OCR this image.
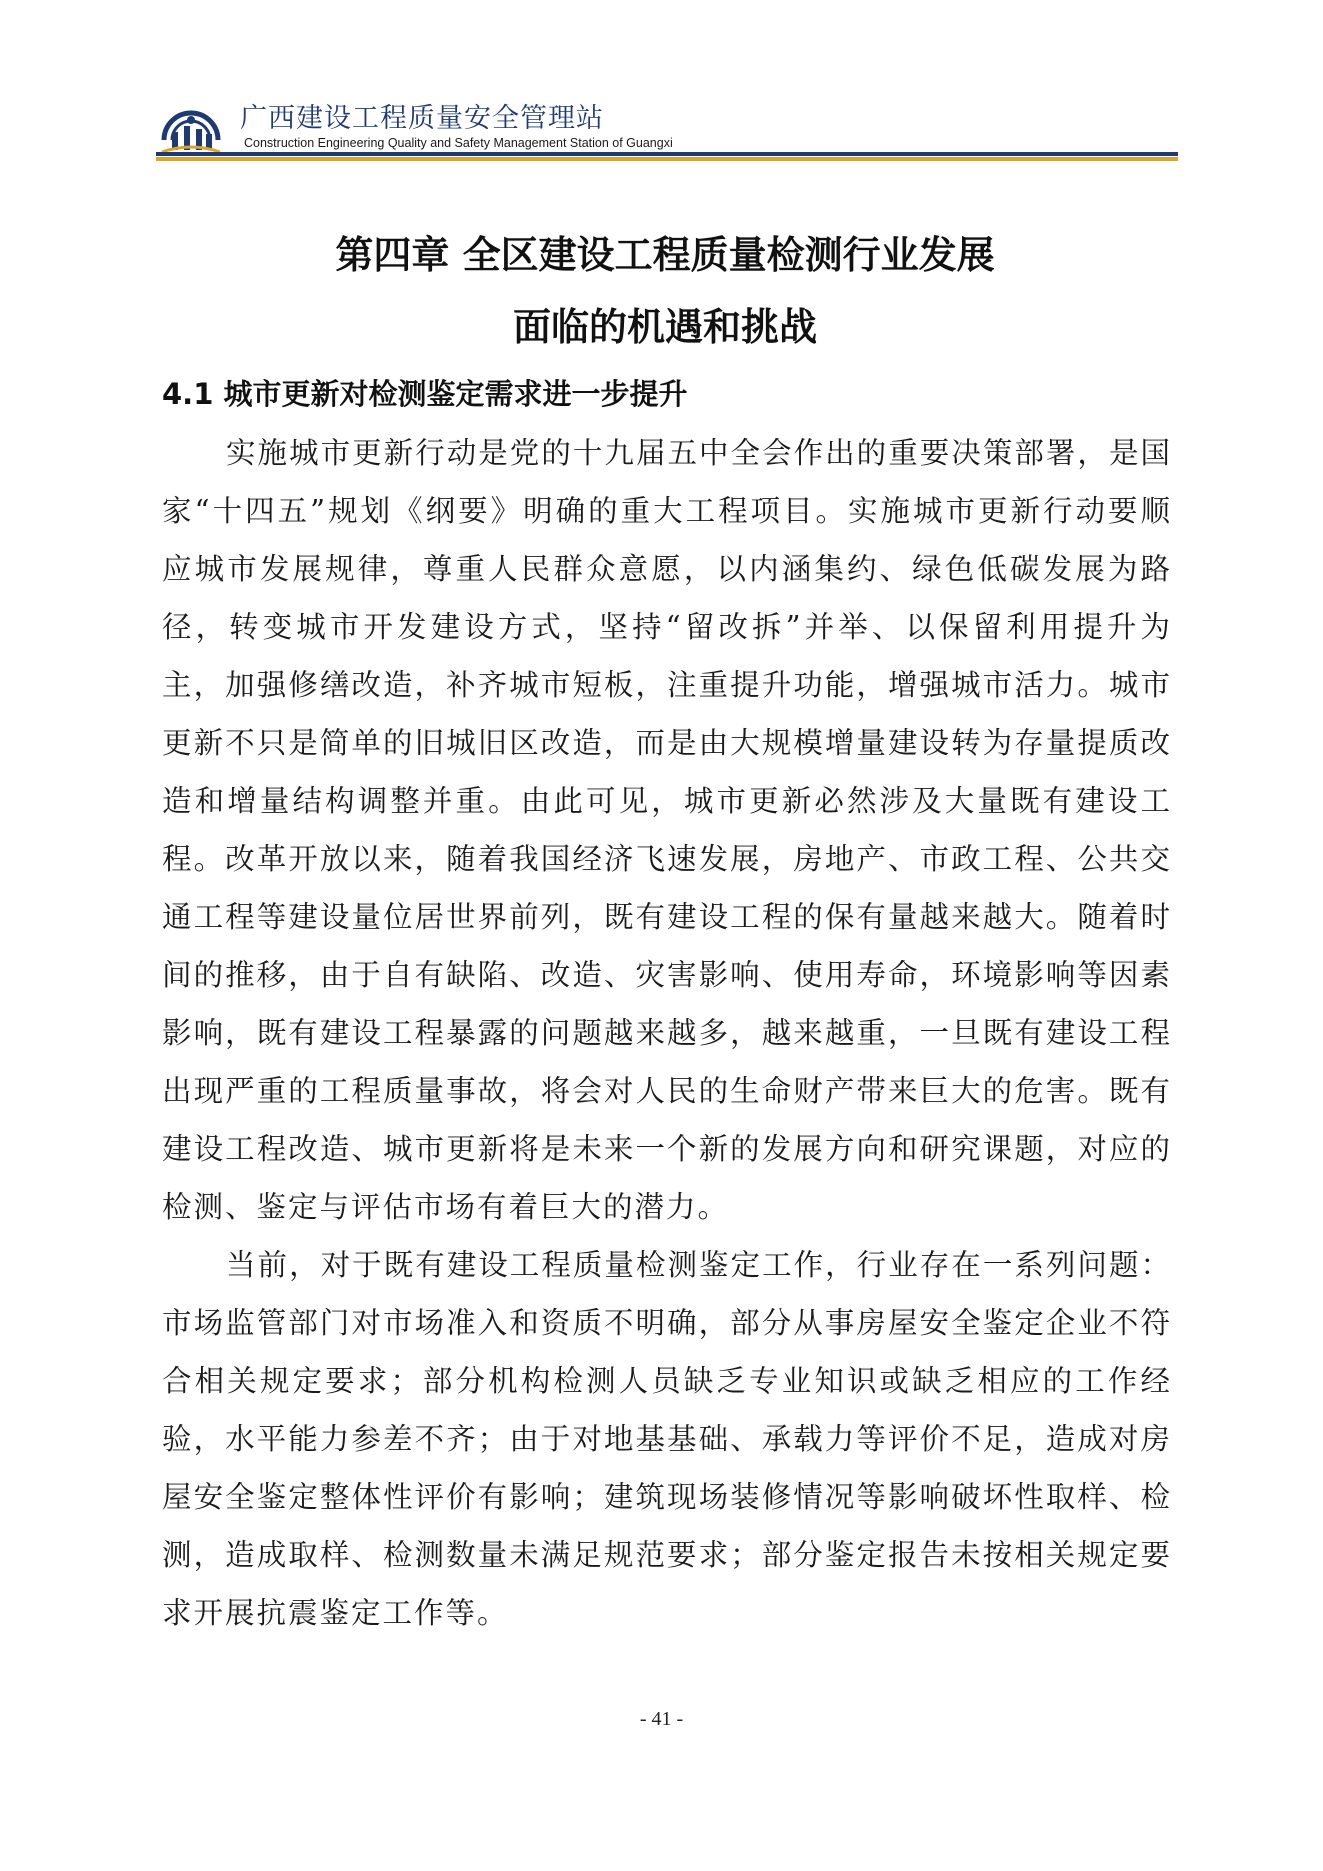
广西建设工程质量安全管理站
Construction Engineering Quality and Safety Management Station of Guangxi
第四章 全区建设工程质量检测行业发展
面临的机遇和挑战
4.1 城市更新对检测鉴定需求进一步提升

实施城市更新行动是党的十九届五中全会作出的重要决策部署，是国家“十四五”规划《纲要》明确的重大工程项目。实施城市更新行动要顺应城市发展规律，尊重人民群众意愿，以内涵集约、绿色低碳发展为路径，转变城市开发建设方式，坚持“留改拆”并举、以保留利用提升为主，加强修缮改造，补齐城市短板，注重提升功能，增强城市活力。城市更新不只是简单的旧城旧区改造，而是由大规模增量建设转为存量提质改造和增量结构调整并重。由此可见，城市更新必然涉及大量既有建设工程。改革开放以来，随着我国经济飞速发展，房地产、市政工程、公共交通工程等建设量位居世界前列，既有建设工程的保有量越来越大。随着时间的推移，由于自有缺陷、改造、灾害影响、使用寿命，环境影响等因素影响，既有建设工程暴露的问题越来越多，越来越重，一旦既有建设工程出现严重的工程质量事故，将会对人民的生命财产带来巨大的危害。既有建设工程改造、城市更新将是未来一个新的发展方向和研究课题，对应的检测、鉴定与评估市场有着巨大的潜力。

当前，对于既有建设工程质量检测鉴定工作，行业存在一系列问题：市场监管部门对市场准入和资质不明确，部分从事房屋安全鉴定企业不符合相关规定要求；部分机构检测人员缺乏专业知识或缺乏相应的工作经验，水平能力参差不齐；由于对地基基础、承载力等评价不足，造成对房屋安全鉴定整体性评价有影响；建筑现场装修情况等影响破坏性取样、检测，造成取样、检测数量未满足规范要求；部分鉴定报告未按相关规定要求开展抗震鉴定工作等。

- 41 -
